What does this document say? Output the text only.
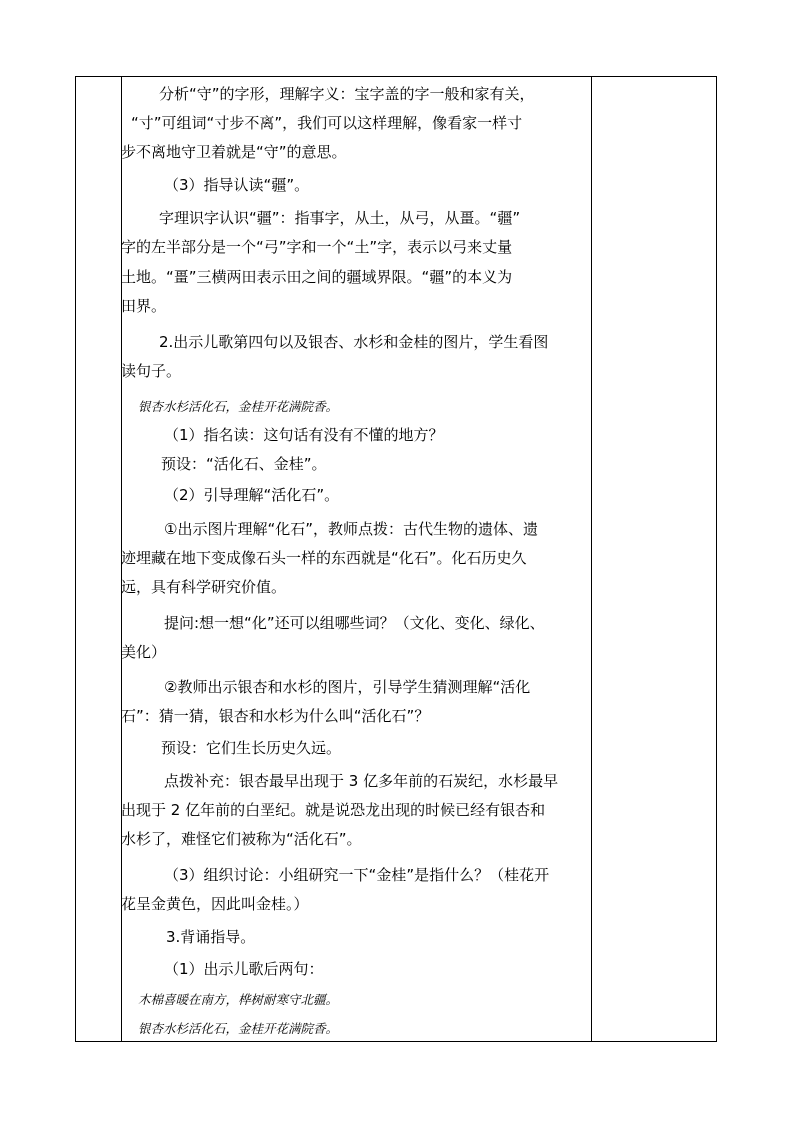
分析“守”的字形，理解字义：宝字盖的字一般和家有关，
“寸”可组词“寸步不离”，我们可以这样理解，像看家一样寸
步不离地守卫着就是“守”的意思。
（3）指导认读“疆”。
字理识字认识“疆”：指事字，从土，从弓，从畺。“疆”
字的左半部分是一个“弓”字和一个“土”字，表示以弓来丈量
土地。“畺”三横两田表示田之间的疆域界限。“疆”的本义为
田界。
2.出示儿歌第四句以及银杏、水杉和金桂的图片，学生看图
读句子。
银杏水杉活化石，金桂开花满院香。
（1）指名读：这句话有没有不懂的地方？
预设：“活化石、金桂”。
（2）引导理解“活化石”。
①出示图片理解“化石”，教师点拨：古代生物的遗体、遗
迹埋藏在地下变成像石头一样的东西就是“化石”。化石历史久
远，具有科学研究价值。
提问:想一想“化”还可以组哪些词？（文化、变化、绿化、
美化）
②教师出示银杏和水杉的图片，引导学生猜测理解“活化
石”：猜一猜，银杏和水杉为什么叫“活化石”？
预设：它们生长历史久远。
点拨补充：银杏最早出现于 3 亿多年前的石炭纪，水杉最早
出现于 2 亿年前的白垩纪。就是说恐龙出现的时候已经有银杏和
水杉了，难怪它们被称为“活化石”。
（3）组织讨论：小组研究一下“金桂”是指什么？（桂花开
花呈金黄色，因此叫金桂。）
3.背诵指导。
（1）出示儿歌后两句：
木棉喜暖在南方，桦树耐寒守北疆。
银杏水杉活化石，金桂开花满院香。
